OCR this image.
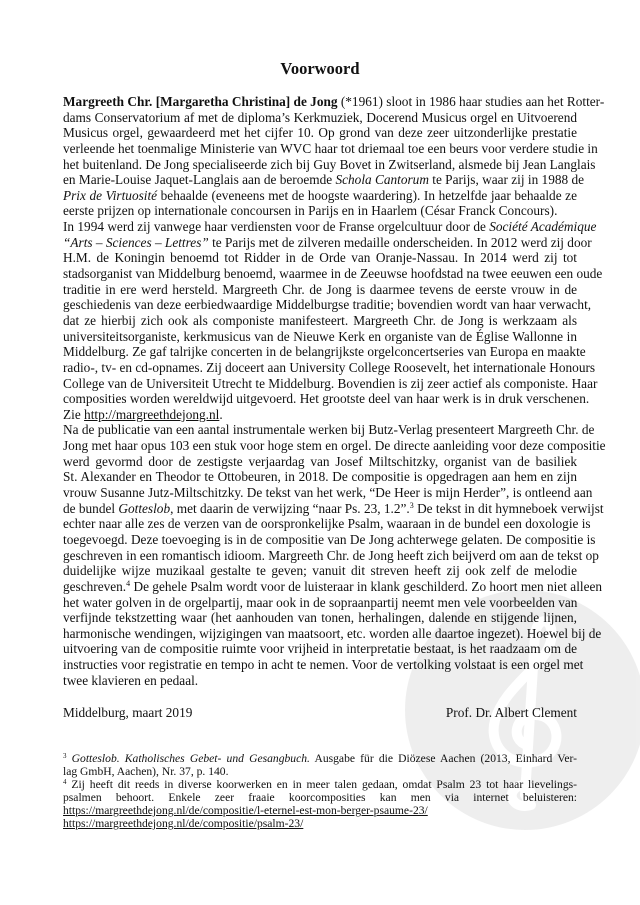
Voorwoord
Margreeth Chr. [Margaretha Christina] de Jong (*1961) sloot in 1986 haar studies aan het Rotter-
dams Conservatorium af met de diploma’s Kerkmuziek, Docerend Musicus orgel en Uitvoerend
Musicus orgel, gewaardeerd met het cijfer 10. Op grond van deze zeer uitzonderlijke prestatie
verleende het toenmalige Ministerie van WVC haar tot driemaal toe een beurs voor verdere studie in
het buitenland. De Jong specialiseerde zich bij Guy Bovet in Zwitserland, alsmede bij Jean Langlais
en Marie-Louise Jaquet-Langlais aan de beroemde Schola Cantorum te Parijs, waar zij in 1988 de
Prix de Virtuosité behaalde (eveneens met de hoogste waardering). In hetzelfde jaar behaalde ze
eerste prijzen op internationale concoursen in Parijs en in Haarlem (César Franck Concours).
In 1994 werd zij vanwege haar verdiensten voor de Franse orgelcultuur door de Société Académique
“Arts – Sciences – Lettres” te Parijs met de zilveren medaille onderscheiden. In 2012 werd zij door
H.M. de Koningin benoemd tot Ridder in de Orde van Oranje-Nassau. In 2014 werd zij tot
stadsorganist van Middelburg benoemd, waarmee in de Zeeuwse hoofdstad na twee eeuwen een oude
traditie in ere werd hersteld. Margreeth Chr. de Jong is daarmee tevens de eerste vrouw in de
geschiedenis van deze eerbiedwaardige Middelburgse traditie; bovendien wordt van haar verwacht,
dat ze hierbij zich ook als componiste manifesteert. Margreeth Chr. de Jong is werkzaam als
universiteitsorganiste, kerkmusicus van de Nieuwe Kerk en organiste van de Église Wallonne in
Middelburg. Ze gaf talrijke concerten in de belangrijkste orgelconcertseries van Europa en maakte
radio-, tv- en cd-opnames. Zij doceert aan University College Roosevelt, het internationale Honours
College van de Universiteit Utrecht te Middelburg. Bovendien is zij zeer actief als componiste. Haar
composities worden wereldwijd uitgevoerd. Het grootste deel van haar werk is in druk verschenen.
Zie http://margreethdejong.nl.
Na de publicatie van een aantal instrumentale werken bij Butz-Verlag presenteert Margreeth Chr. de
Jong met haar opus 103 een stuk voor hoge stem en orgel. De directe aanleiding voor deze compositie
werd gevormd door de zestigste verjaardag van Josef Miltschitzky, organist van de basiliek
St. Alexander en Theodor te Ottobeuren, in 2018. De compositie is opgedragen aan hem en zijn
vrouw Susanne Jutz-Miltschitzky. De tekst van het werk, “De Heer is mijn Herder”, is ontleend aan
de bundel Gotteslob, met daarin de verwijzing “naar Ps. 23, 1.2”.$^3$ De tekst in dit hymneboek verwijst
echter naar alle zes de verzen van de oorspronkelijke Psalm, waaraan in de bundel een doxologie is
toegevoegd. Deze toevoeging is in de compositie van De Jong achterwege gelaten. De compositie is
geschreven in een romantisch idioom. Margreeth Chr. de Jong heeft zich beijverd om aan de tekst op
duidelijke wijze muzikaal gestalte te geven; vanuit dit streven heeft zij ook zelf de melodie
geschreven.$^4$ De gehele Psalm wordt voor de luisteraar in klank geschilderd. Zo hoort men niet alleen
het water golven in de orgelpartij, maar ook in de sopraanpartij neemt men vele voorbeelden van
verfijnde tekstzetting waar (het aanhouden van tonen, herhalingen, dalende en stijgende lijnen,
harmonische wendingen, wijzigingen van maatsoort, etc. worden alle daartoe ingezet). Hoewel bij de
uitvoering van de compositie ruimte voor vrijheid in interpretatie bestaat, is het raadzaam om de
instructies voor registratie en tempo in acht te nemen. Voor de vertolking volstaat is een orgel met
twee klavieren en pedaal.
Middelburg, maart 2019	Prof. Dr. Albert Clement
$^3$ Gotteslob. Katholisches Gebet- und Gesangbuch. Ausgabe für die Diözese Aachen (2013, Einhard Ver-
lag GmbH, Aachen), Nr. 37, p. 140.
$^4$ Zij heeft dit reeds in diverse koorwerken en in meer talen gedaan, omdat Psalm 23 tot haar lievelings-
psalmen behoort. Enkele zeer fraaie koorcomposities kan men via internet beluisteren:
https://margreethdejong.nl/de/compositie/l-eternel-est-mon-berger-psaume-23/
https://margreethdejong.nl/de/compositie/psalm-23/
